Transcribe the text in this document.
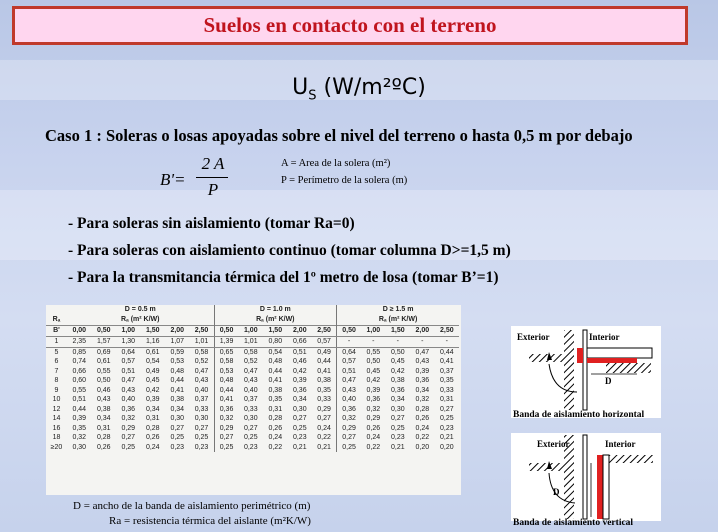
Suelos en contacto con el terreno
$U_S$ (W/m²ºC)
Caso 1 : Soleras o losas apoyadas sobre el nivel del terreno o hasta 0,5 m por debajo
B'=
2 A
P
A = Area de la solera (m²)
P = Perímetro de la solera (m)
- Para soleras sin aislamiento (tomar Ra=0)
- Para soleras con aislamiento continuo (tomar columna D>=1,5 m)
- Para la transmitancia térmica del 1º metro de losa (tomar B’=1)
	D = 0.5 m						D = 1.0 m					D ≥ 1.5 m				
Rₐ	Rₐ (m² K/W)						Rₐ (m² K/W)					Rₐ (m² K/W)				
B'	0,00	0,50	1,00	1,50	2,00	2,50	0,50	1,00	1,50	2,00	2,50	0,50	1,00	1,50	2,00	2,50
1	2,35	1,57	1,30	1,16	1,07	1,01	1,39	1,01	0,80	0,66	0,57	-	-	-	-	-
5	0,85	0,69	0,64	0,61	0,59	0,58	0,65	0,58	0,54	0,51	0,49	0,64	0,55	0,50	0,47	0,44
6	0,74	0,61	0,57	0,54	0,53	0,52	0,58	0,52	0,48	0,46	0,44	0,57	0,50	0,45	0,43	0,41
7	0,66	0,55	0,51	0,49	0,48	0,47	0,53	0,47	0,44	0,42	0,41	0,51	0,45	0,42	0,39	0,37
8	0,60	0,50	0,47	0,45	0,44	0,43	0,48	0,43	0,41	0,39	0,38	0,47	0,42	0,38	0,36	0,35
9	0,55	0,46	0,43	0,42	0,41	0,40	0,44	0,40	0,38	0,36	0,35	0,43	0,39	0,36	0,34	0,33
10	0,51	0,43	0,40	0,39	0,38	0,37	0,41	0,37	0,35	0,34	0,33	0,40	0,36	0,34	0,32	0,31
12	0,44	0,38	0,36	0,34	0,34	0,33	0,36	0,33	0,31	0,30	0,29	0,36	0,32	0,30	0,28	0,27
14	0,39	0,34	0,32	0,31	0,30	0,30	0,32	0,30	0,28	0,27	0,27	0,32	0,29	0,27	0,26	0,25
16	0,35	0,31	0,29	0,28	0,27	0,27	0,29	0,27	0,26	0,25	0,24	0,29	0,26	0,25	0,24	0,23
18	0,32	0,28	0,27	0,26	0,25	0,25	0,27	0,25	0,24	0,23	0,22	0,27	0,24	0,23	0,22	0,21
≥20	0,30	0,26	0,25	0,24	0,23	0,23	0,25	0,23	0,22	0,21	0,21	0,25	0,22	0,21	0,20	0,20
D = ancho de la banda de aislamiento perimétrico (m)
Ra = resistencia térmica del aislante (m²K/W)
Exterior	Interior
D
Banda de aislamiento horizontal
Exterior	Interior
D
Banda de aislamiento vertical
